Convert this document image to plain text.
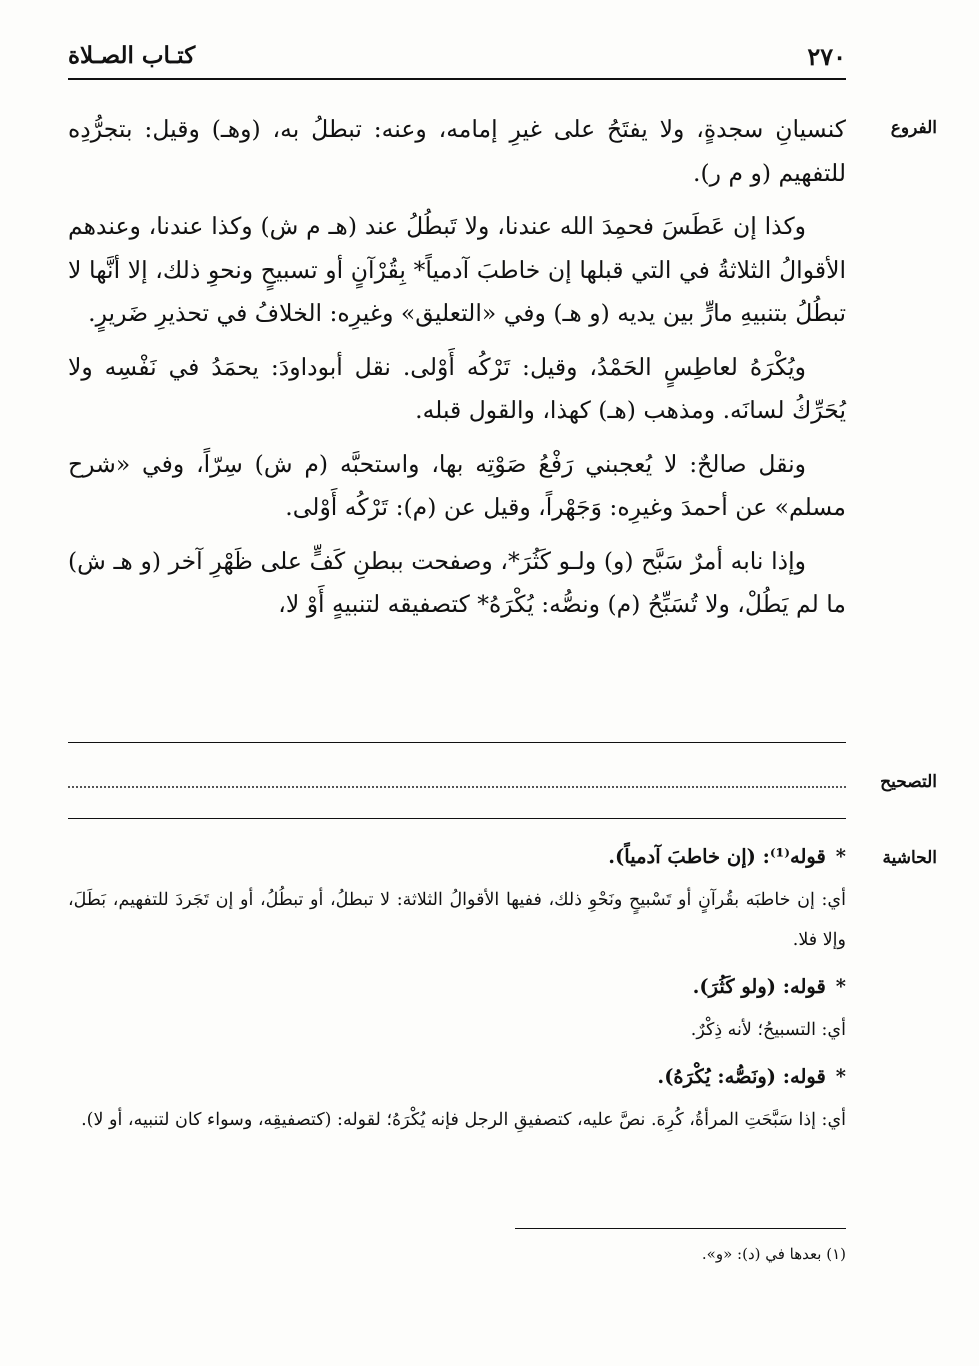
٢٧٠
كتـاب الصـلاة
الفروع
التصحيح
الحاشية

كنسيانِ سجدةٍ، ولا يفتَحُ على غيرِ إمامه، وعنه: تبطلُ به، (وهـ) وقيل: بتجرُّدِه للتفهيم (و م ر).

وكذا إن عَطَسَ فحمِدَ الله عندنا، ولا تَبطُلُ عند (هـ م ش) وكذا عندنا، وعندهم الأقوالُ الثلاثةُ في التي قبلها إن خاطبَ آدمياً* بِقُرْآنٍ أو تسبيحٍ ونحوِ ذلك، إلا أنَّها لا تبطُلُ بتنبيهِ مارٍّ بين يديه (و هـ) وفي «التعليق» وغيرِه: الخلافُ في تحذيرِ ضَريرٍ.

ويُكْرَهُ لعاطِسٍ الحَمْدُ، وقيل: تَرْكُه أَوْلى. نقل أبوداودَ: يحمَدُ في نَفْسِه ولا يُحَرِّكُ لسانَه. ومذهب (هـ) كهذا، والقول قبله.

ونقل صالحٌ: لا يُعجبني رَفْعُ صَوْتِه بها، واستحبَّه (م ش) سِرّاً، وفي «شرح مسلم» عن أحمدَ وغيرِه: وَجَهْراً، وقيل عن (م): تَرْكُه أَوْلى.

وإذا نابه أمرٌ سَبَّح (و) ولـو كَثُرَ*، وصفحت ببطنِ كَفٍّ على ظَهْرِ آخر (و هـ ش) ما لم يَطُلْ، ولا تُسَبِّحُ (م) ونصُّه: يُكْرَهُ* كتصفيقه لتنبيهٍ أَوْ لا،

*قوله⁽¹⁾: (إن خاطبَ آدمياً).

أي: إن خاطبَه بقُرآنٍ أو تَسْبيحٍ ونَحْوِ ذلك، ففيها الأقوالُ الثلاثة: لا تبطلُ، أو تبطُلُ، أو إن تَجَردَ للتفهيم، بَطَلَ، وإلا فلا.

*قوله: (ولو كَثُرَ).

أي: التسبيحُ؛ لأنه ذِكْرٌ.

*قوله: (ونَصُّه: يُكْرَهُ).

أي: إذا سَبَّحَتِ المرأةُ، كُرِهَ. نصَّ عليه، كتصفيقِ الرجل فإنه يُكْرَهُ؛ لقوله: (كتصفيقِه، وسواء كان لتنبيه، أو لا).

(١) بعدها في (د): «و».
